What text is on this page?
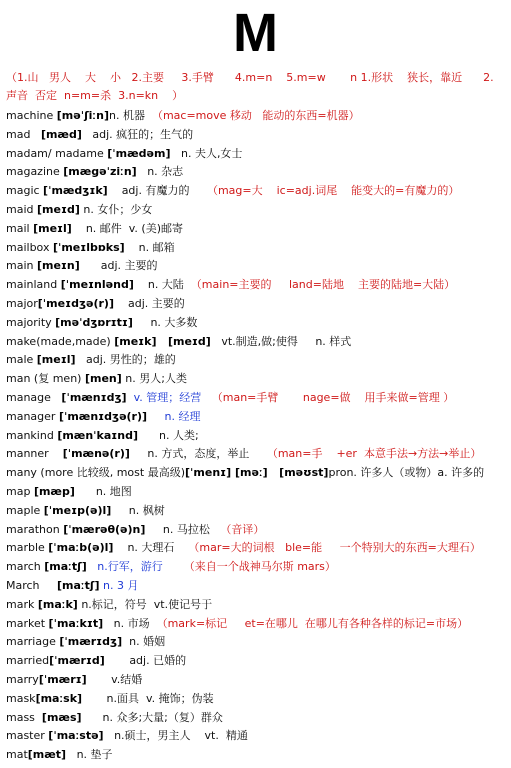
M
（1.山   男人    大    小   2.主要     3.手臂      4.m=n    5.m=w       n 1.形状    狭长，靠近      2.
声音  否定  n=m=杀  3.n=kn    ）
machine [məˈʃiːn]n. 机器  （mac=move 移动   能动的东西=机器）
mad   [mæd]   adj. 疯狂的；生气的
madam/ madame [ˈmædəm]   n. 夫人,女士
magazine [mægəˈziːn]   n. 杂志
magic [ˈmædʒɪk]    adj. 有魔力的     （mag=大    ic=adj.词尾    能变大的=有魔力的）
maid [meɪd] n. 女仆；少女
mail [meɪl]    n. 邮件  v. (美)邮寄
mailbox [ˈmeɪlbɒks]    n. 邮箱
main [meɪn]      adj. 主要的
mainland [ˈmeɪnlənd]    n. 大陆  （main=主要的     land=陆地    主要的陆地=大陆）
major[ˈmeɪdʒə(r)]    adj. 主要的
majority [məˈdʒɒrɪtɪ]     n. 大多数
make(made,made) [meɪk]   [meɪd]   vt.制造,做;使得     n. 样式
male [meɪl]   adj. 男性的；雄的
man (复 men) [men] n. 男人;人类
manage   [ˈmænɪdʒ]  v. 管理；经营   （man=手臂       nage=做    用手来做=管理 ）
manager [ˈmænɪdʒə(r)]     n. 经理
mankind [mænˈkaɪnd]      n. 人类;
manner    [ˈmænə(r)]     n. 方式，态度，举止     （man=手    +er  本意手法→方法→举止）
many (more 比较级, most 最高级)[ˈmenɪ] [məː]   [məʊst]pron. 许多人（或物）a. 许多的
map [mæp]      n. 地图
maple [ˈmeɪp(ə)l]     n. 枫树
marathon [ˈmærəθ(ə)n]     n. 马拉松   （音译）
marble [ˈmaːb(ə)l]    n. 大理石    （mar=大的词根   ble=能     一个特别大的东西=大理石）
march [maːtʃ]   n.行军，游行      （来自一个战神马尔斯 mars）
March     [maːtʃ] n. 3 月
mark [maːk] n.标记，符号  vt.使记号于
market [ˈmaːkɪt]   n. 市场  （mark=标记     et=在哪儿  在哪儿有各种各样的标记=市场）
marriage [ˈmærɪdʒ]  n. 婚姻
married[ˈmærɪd]       adj. 已婚的
marry[ˈmærɪ]       v.结婚
mask[maːsk]       n.面具  v. 掩饰；伪装
mass  [mæs]      n. 众多;大量;（复）群众
master [ˈmaːstə]   n.硕士，男主人    vt.  精通
mat[mæt]   n. 垫子
